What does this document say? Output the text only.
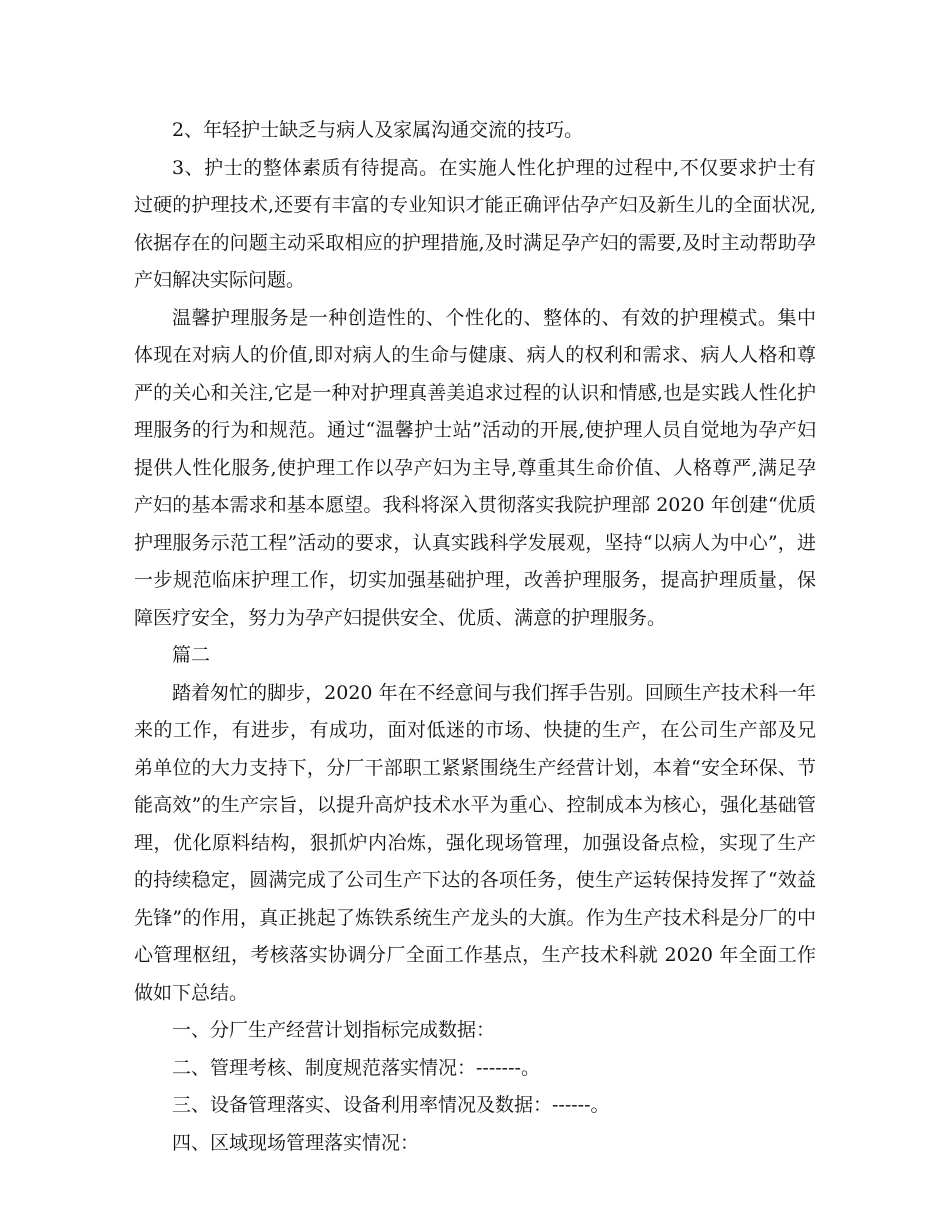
2、年轻护士缺乏与病人及家属沟通交流的技巧。

3、护士的整体素质有待提高。在实施人性化护理的过程中,不仅要求护士有过硬的护理技术,还要有丰富的专业知识才能正确评估孕产妇及新生儿的全面状况,依据存在的问题主动采取相应的护理措施,及时满足孕产妇的需要,及时主动帮助孕产妇解决实际问题。

温馨护理服务是一种创造性的、个性化的、整体的、有效的护理模式。集中体现在对病人的价值,即对病人的生命与健康、病人的权利和需求、病人人格和尊严的关心和关注,它是一种对护理真善美追求过程的认识和情感,也是实践人性化护理服务的行为和规范。通过“温馨护士站”活动的开展,使护理人员自觉地为孕产妇提供人性化服务,使护理工作以孕产妇为主导,尊重其生命价值、人格尊严,满足孕产妇的基本需求和基本愿望。我科将深入贯彻落实我院护理部 2020 年创建“优质护理服务示范工程”活动的要求，认真实践科学发展观，坚持“以病人为中心”，进一步规范临床护理工作，切实加强基础护理，改善护理服务，提高护理质量，保障医疗安全，努力为孕产妇提供安全、优质、满意的护理服务。

篇二

踏着匆忙的脚步，2020 年在不经意间与我们挥手告别。回顾生产技术科一年来的工作，有进步，有成功，面对低迷的市场、快捷的生产，在公司生产部及兄弟单位的大力支持下，分厂干部职工紧紧围绕生产经营计划，本着“安全环保、节能高效”的生产宗旨，以提升高炉技术水平为重心、控制成本为核心，强化基础管理，优化原料结构，狠抓炉内冶炼，强化现场管理，加强设备点检，实现了生产的持续稳定，圆满完成了公司生产下达的各项任务，使生产运转保持发挥了“效益先锋”的作用，真正挑起了炼铁系统生产龙头的大旗。作为生产技术科是分厂的中心管理枢纽，考核落实协调分厂全面工作基点，生产技术科就 2020 年全面工作做如下总结。

一、分厂生产经营计划指标完成数据：

二、管理考核、制度规范落实情况：-------。

三、设备管理落实、设备利用率情况及数据：------。

四、区域现场管理落实情况：
